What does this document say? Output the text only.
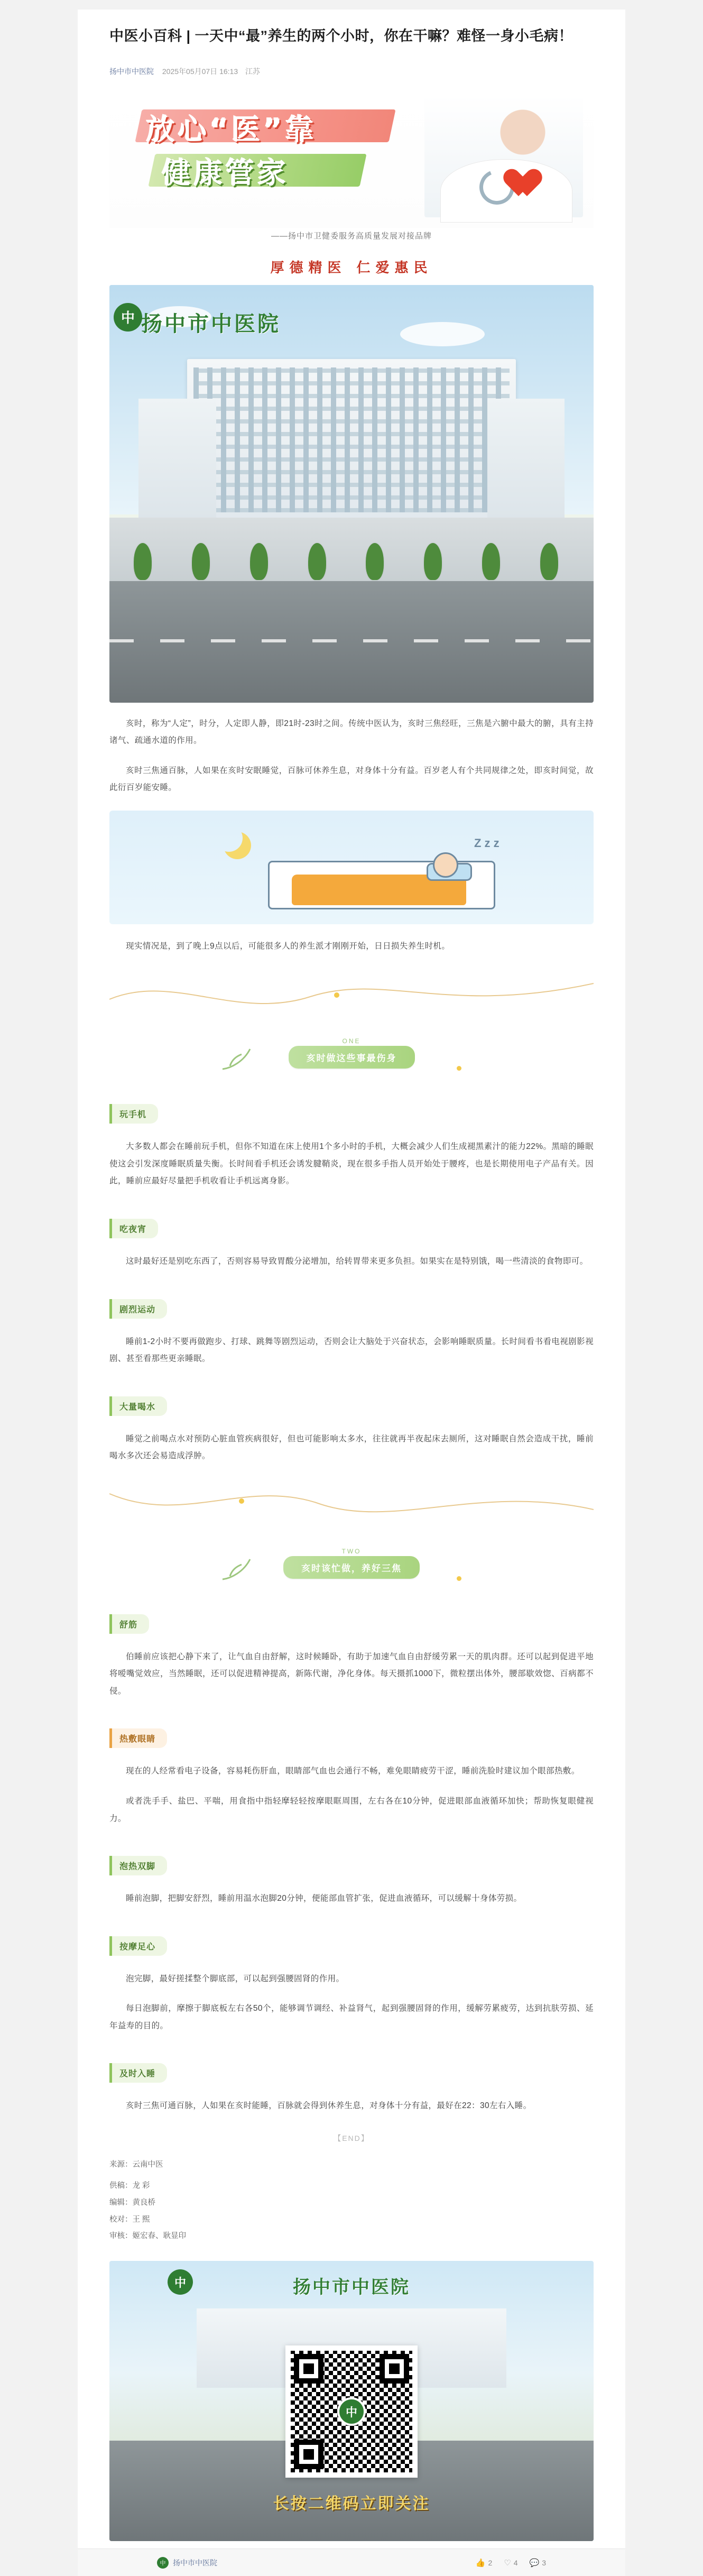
中医小百科 | 一天中“最”养生的两个小时，你在干嘛？难怪一身小毛病！
扬中市中医院 2025年05月07日 16:13 江苏
放心“医”靠
健康管家
——扬中市卫健委服务高质量发展对接品牌
厚德精医 仁爱惠民
中 扬中市中医院

亥时，称为“人定”，时分，人定即人静，即21时-23时之间。传统中医认为，亥时三焦经旺，三焦是六腑中最大的腑，具有主持诸气、疏通水道的作用。

亥时三焦通百脉，人如果在亥时安眠睡觉，百脉可休养生息，对身体十分有益。百岁老人有个共同规律之处，即亥时间觉，故此衍百岁能安睡。

Z z z

现实情况是，到了晚上9点以后，可能很多人的养生派才刚刚开始，日日损失养生时机。

ONE
亥时做这些事最伤身
玩手机

大多数人都会在睡前玩手机，但你不知道在床上使用1个多小时的手机，大概会减少人们生成褪黑素汁的能力22%。黑暗的睡眠使这会引发深度睡眠质量失衡。长时间看手机还会诱发腱鞘炎，现在很多手指人员开始处于腰疼，也是长期使用电子产品有关。因此，睡前应最好尽量把手机收看让手机远离身影。

吃夜宵

这时最好还是别吃东西了，否则容易导致胃酸分泌增加，给转胃带来更多负担。如果实在是特别饿，喝一些清淡的食物即可。

剧烈运动

睡前1-2小时不要再做跑步、打球、跳舞等剧烈运动，否则会让大脑处于兴奋状态，会影响睡眠质量。长时间看书看电视剧影视剧、甚至看那些更亲睡眠。

大量喝水

睡觉之前喝点水对预防心脏血管疾病很好，但也可能影响太多水，往往就再半夜起床去厕所，这对睡眠自然会造成干扰，睡前喝水多次还会易造成浮肿。

TWO
亥时该忙做，养好三焦
舒筋

伯睡前应该把心静下来了，让气血自由舒解，这时候睡卧，有助于加速气血自由舒缓劳累一天的肌肉群。还可以起到促进平地将嗳嘴觉效应，当然睡眠，还可以促进精神提高，新陈代谢，净化身体。每天摄抓1000下，微粒摆出体外，腰部歇效惚、百病都不侵。

热敷眼睛

现在的人经常看电子设备，容易耗伤肝血，眼睛部气血也会通行不畅，难免眼睛疲劳干涩，睡前洗脸时建议加个眼部热敷。

或者洗手手、盐巴、平喘，用食指中指轻摩轻轻按摩眼眶周围，左右各在10分钟，促进眼部血液循环加快；帮助恢复眼健视力。

泡热双脚

睡前泡脚，把脚安舒烈，睡前用温水泡脚20分钟，便能部血管扩张，促进血液循环，可以缓解十身体劳损。

按摩足心

泡完脚，最好搓揉整个脚底部，可以起到强腰固肾的作用。

每日泡脚前，摩擦于脚底板左右各50个，能够调节调经、补益肾气，起到强腰固肾的作用，缓解劳累疲劳，达到抗肤劳损、延年益寿的目的。

及时入睡

亥时三焦可通百脉，人如果在亥时能睡，百脉就会得到休养生息，对身体十分有益，最好在22：30左右入睡。

【END】
来源：云南中医
供稿：龙 彩
编辑：黄良桥
校对：王 熙
审核：姬宏春、耿显印
中	扬中市中医院
中
长按二维码立即关注
中 扬中市中医院	👍 2 ♡ 4 💬 3
